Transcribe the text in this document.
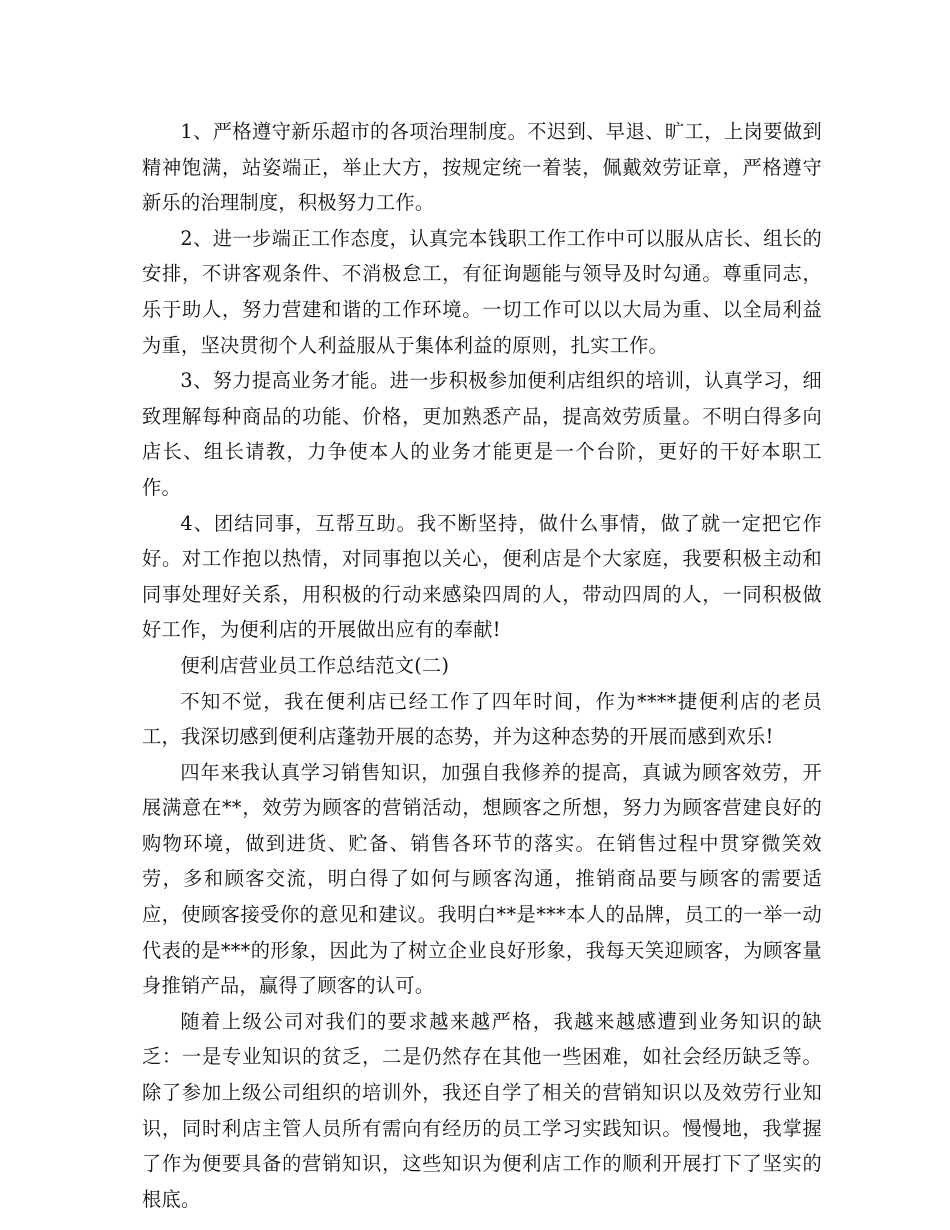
1、严格遵守新乐超市的各项治理制度。不迟到、早退、旷工，上岗要做到精神饱满，站姿端正，举止大方，按规定统一着装，佩戴效劳证章，严格遵守新乐的治理制度，积极努力工作。

2、进一步端正工作态度，认真完本钱职工作工作中可以服从店长、组长的安排，不讲客观条件、不消极怠工，有征询题能与领导及时勾通。尊重同志，乐于助人，努力营建和谐的工作环境。一切工作可以以大局为重、以全局利益为重，坚决贯彻个人利益服从于集体利益的原则，扎实工作。

3、努力提高业务才能。进一步积极参加便利店组织的培训，认真学习，细致理解每种商品的功能、价格，更加熟悉产品，提高效劳质量。不明白得多向店长、组长请教，力争使本人的业务才能更是一个台阶，更好的干好本职工作。

4、团结同事，互帮互助。我不断坚持，做什么事情，做了就一定把它作好。对工作抱以热情，对同事抱以关心，便利店是个大家庭，我要积极主动和同事处理好关系，用积极的行动来感染四周的人，带动四周的人，一同积极做好工作，为便利店的开展做出应有的奉献!

便利店营业员工作总结范文(二)

不知不觉，我在便利店已经工作了四年时间，作为****捷便利店的老员工，我深切感到便利店蓬勃开展的态势，并为这种态势的开展而感到欢乐!

四年来我认真学习销售知识，加强自我修养的提高，真诚为顾客效劳，开展满意在**，效劳为顾客的营销活动，想顾客之所想，努力为顾客营建良好的购物环境，做到进货、贮备、销售各环节的落实。在销售过程中贯穿微笑效劳，多和顾客交流，明白得了如何与顾客沟通，推销商品要与顾客的需要适应，使顾客接受你的意见和建议。我明白**是***本人的品牌，员工的一举一动代表的是***的形象，因此为了树立企业良好形象，我每天笑迎顾客，为顾客量身推销产品，赢得了顾客的认可。

随着上级公司对我们的要求越来越严格，我越来越感遭到业务知识的缺乏：一是专业知识的贫乏，二是仍然存在其他一些困难，如社会经历缺乏等。除了参加上级公司组织的培训外，我还自学了相关的营销知识以及效劳行业知识，同时利店主管人员所有需向有经历的员工学习实践知识。慢慢地，我掌握了作为便要具备的营销知识，这些知识为便利店工作的顺利开展打下了坚实的根底。
